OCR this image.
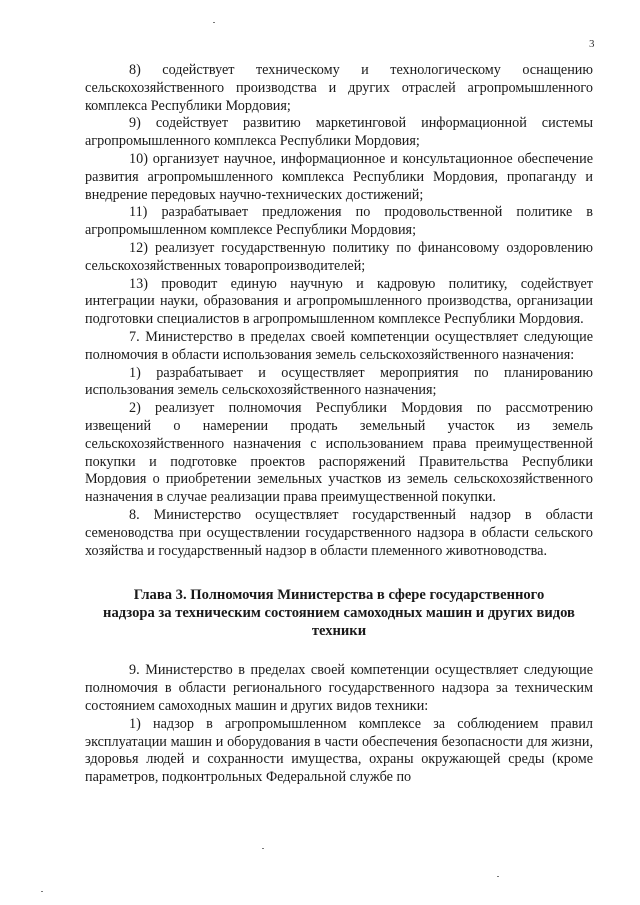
3

8) содействует техническому и технологическому оснащению сельскохозяйственного производства и других отраслей агропромышленного комплекса Республики Мордовия;

9) содействует развитию маркетинговой информационной системы агропромышленного комплекса Республики Мордовия;

10) организует научное, информационное и консультационное обеспечение развития агропромышленного комплекса Республики Мордовия, пропаганду и внедрение передовых научно-технических достижений;

11) разрабатывает предложения по продовольственной политике в агропромышленном комплексе Республики Мордовия;

12) реализует государственную политику по финансовому оздоровлению сельскохозяйственных товаропроизводителей;

13) проводит единую научную и кадровую политику, содействует интеграции науки, образования и агропромышленного производства, организации подготовки специалистов в агропромышленном комплексе Республики Мордовия.

7. Министерство в пределах своей компетенции осуществляет следующие полномочия в области использования земель сельскохозяйственного назначения:

1) разрабатывает и осуществляет мероприятия по планированию использования земель сельскохозяйственного назначения;

2) реализует полномочия Республики Мордовия по рассмотрению извещений о намерении продать земельный участок из земель сельскохозяйственного назначения с использованием права преимущественной покупки и подготовке проектов распоряжений Правительства Республики Мордовия о приобретении земельных участков из земель сельскохозяйственного назначения в случае реализации права преимущественной покупки.

8. Министерство осуществляет государственный надзор в области семеноводства при осуществлении государственного надзора в области сельского хозяйства и государственный надзор в области племенного животноводства.

Глава 3. Полномочия Министерства в сфере государственного
надзора за техническим состоянием самоходных машин и других видов
техники

9. Министерство в пределах своей компетенции осуществляет следующие полномочия в области регионального государственного надзора за техническим состоянием самоходных машин и других видов техники:

1) надзор в агропромышленном комплексе за соблюдением правил эксплуатации машин и оборудования в части обеспечения безопасности для жизни, здоровья людей и сохранности имущества, охраны окружающей среды (кроме параметров, подконтрольных Федеральной службе по
